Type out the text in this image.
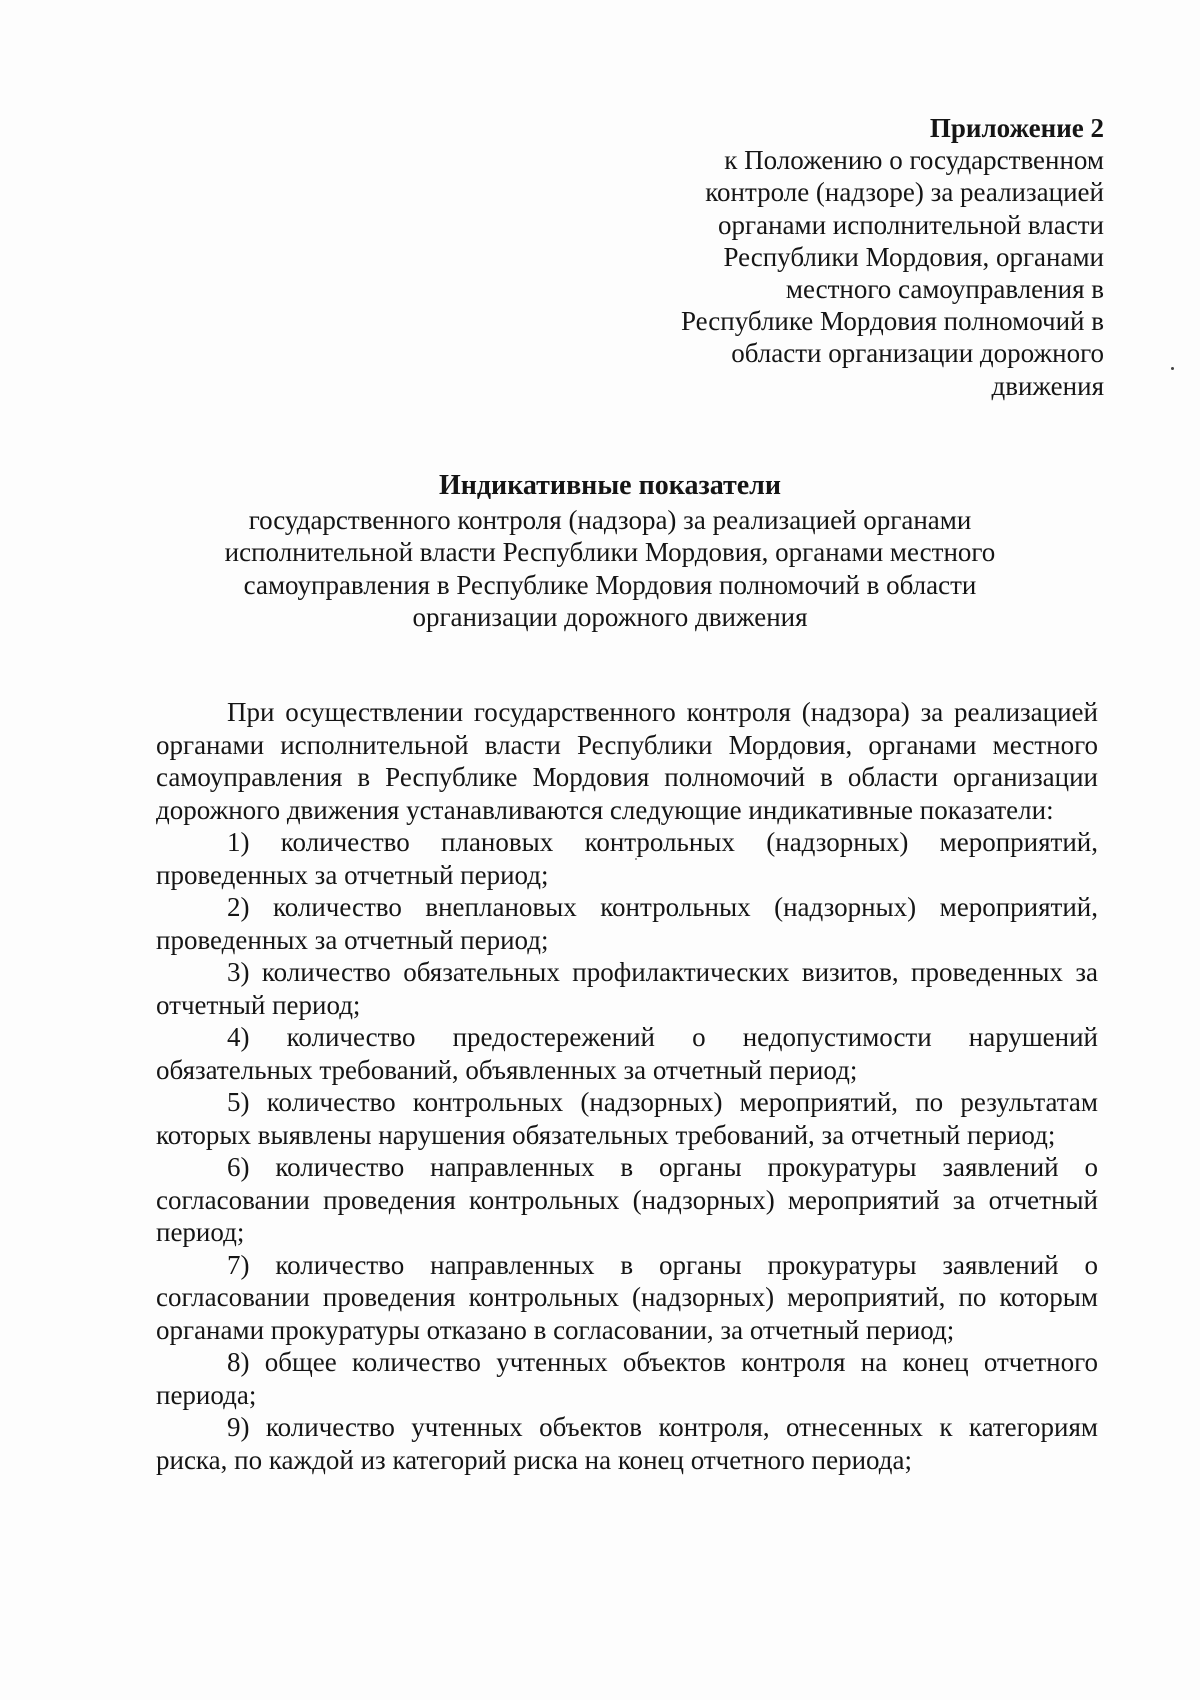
Приложение 2
к Положению о государственном
контроле (надзоре) за реализацией
органами исполнительной власти
Республики Мордовия, органами
местного самоуправления в
Республике Мордовия полномочий в
области организации дорожного
движения
Индикативные показатели
государственного контроля (надзора) за реализацией органами
исполнительной власти Республики Мордовия, органами местного
самоуправления в Республике Мордовия полномочий в области
организации дорожного движения

При осуществлении государственного контроля (надзора) за реализацией органами исполнительной власти Республики Мордовия, органами местного самоуправления в Республике Мордовия полномочий в области организации дорожного движения устанавливаются следующие индикативные показатели:

1) количество плановых контрольных (надзорных) мероприятий, проведенных за отчетный период;

2) количество внеплановых контрольных (надзорных) мероприятий, проведенных за отчетный период;

3) количество обязательных профилактических визитов, проведенных за отчетный период;

4) количество предостережений о недопустимости нарушений обязательных требований, объявленных за отчетный период;

5) количество контрольных (надзорных) мероприятий, по результатам которых выявлены нарушения обязательных требований, за отчетный период;

6) количество направленных в органы прокуратуры заявлений о согласовании проведения контрольных (надзорных) мероприятий за отчетный период;

7) количество направленных в органы прокуратуры заявлений о согласовании проведения контрольных (надзорных) мероприятий, по которым органами прокуратуры отказано в согласовании, за отчетный период;

8) общее количество учтенных объектов контроля на конец отчетного периода;

9) количество учтенных объектов контроля, отнесенных к категориям риска, по каждой из категорий риска на конец отчетного периода;
